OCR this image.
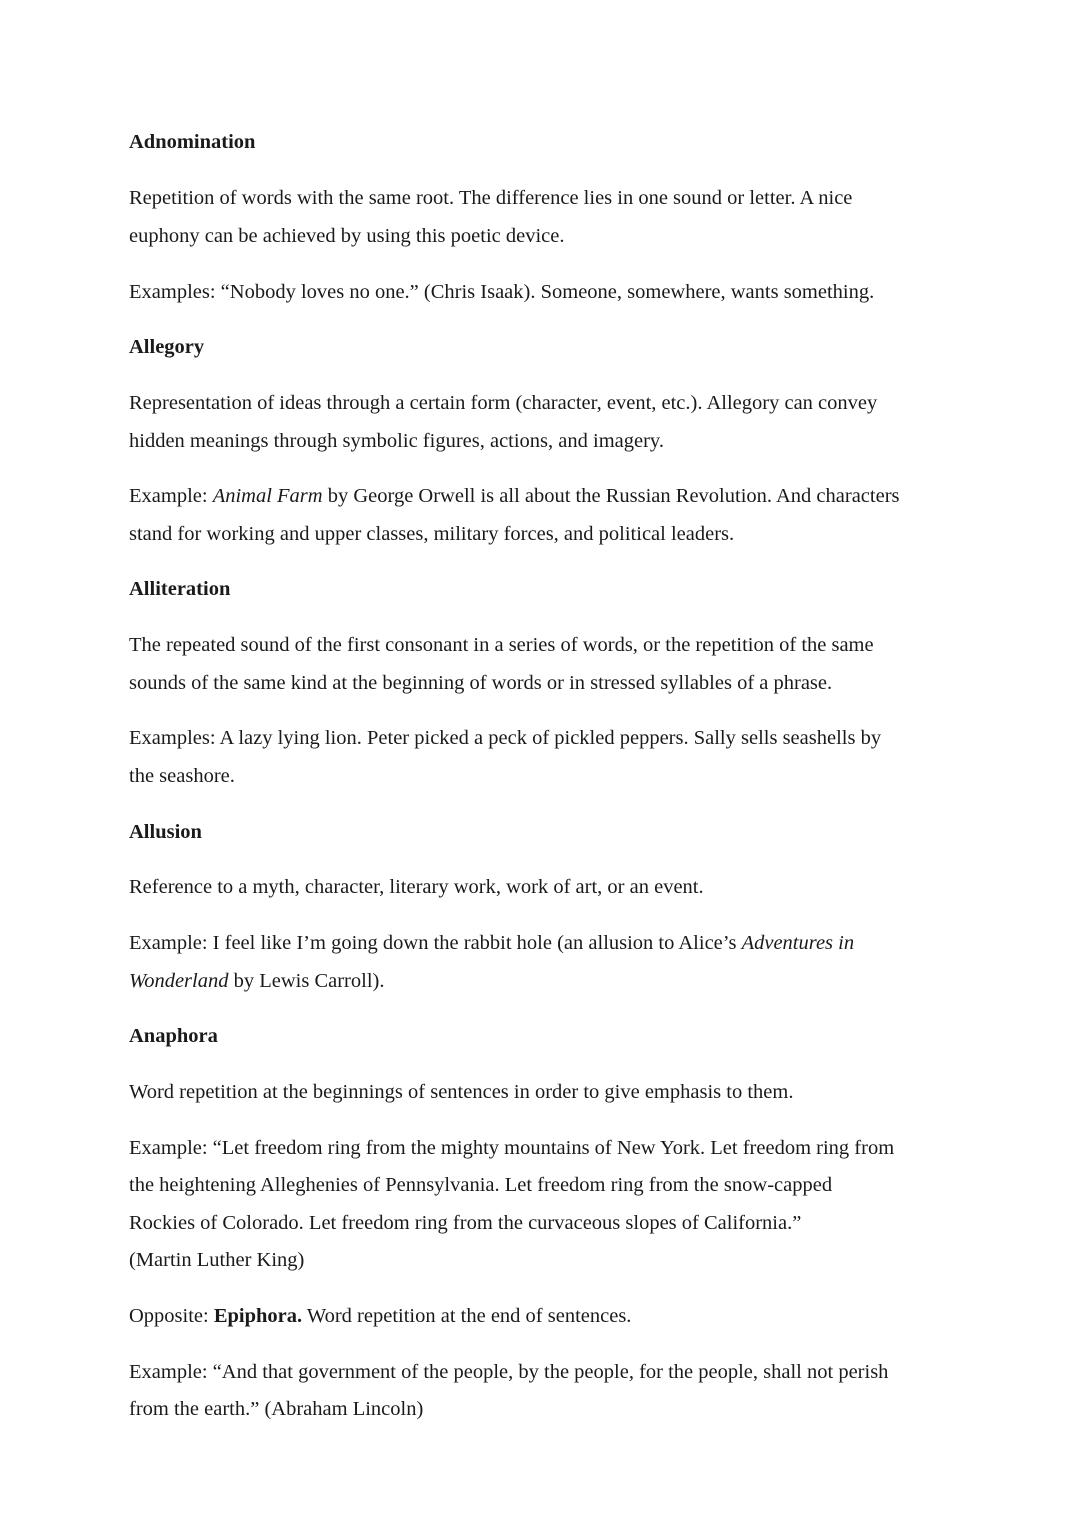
Adnomination
Repetition of words with the same root. The difference lies in one sound or letter. A nice
euphony can be achieved by using this poetic device.
Examples: “Nobody loves no one.” (Chris Isaak). Someone, somewhere, wants something.
Allegory
Representation of ideas through a certain form (character, event, etc.). Allegory can convey
hidden meanings through symbolic figures, actions, and imagery.
Example: Animal Farm by George Orwell is all about the Russian Revolution. And characters
stand for working and upper classes, military forces, and political leaders.
Alliteration
The repeated sound of the first consonant in a series of words, or the repetition of the same
sounds of the same kind at the beginning of words or in stressed syllables of a phrase.
Examples: A lazy lying lion. Peter picked a peck of pickled peppers. Sally sells seashells by
the seashore.
Allusion
Reference to a myth, character, literary work, work of art, or an event.
Example: I feel like I’m going down the rabbit hole (an allusion to Alice’s Adventures in
Wonderland by Lewis Carroll).
Anaphora
Word repetition at the beginnings of sentences in order to give emphasis to them.
Example: “Let freedom ring from the mighty mountains of New York. Let freedom ring from
the heightening Alleghenies of Pennsylvania. Let freedom ring from the snow-capped
Rockies of Colorado. Let freedom ring from the curvaceous slopes of California.”
(Martin Luther King)
Opposite: Epiphora. Word repetition at the end of sentences.
Example: “And that government of the people, by the people, for the people, shall not perish
from the earth.” (Abraham Lincoln)
